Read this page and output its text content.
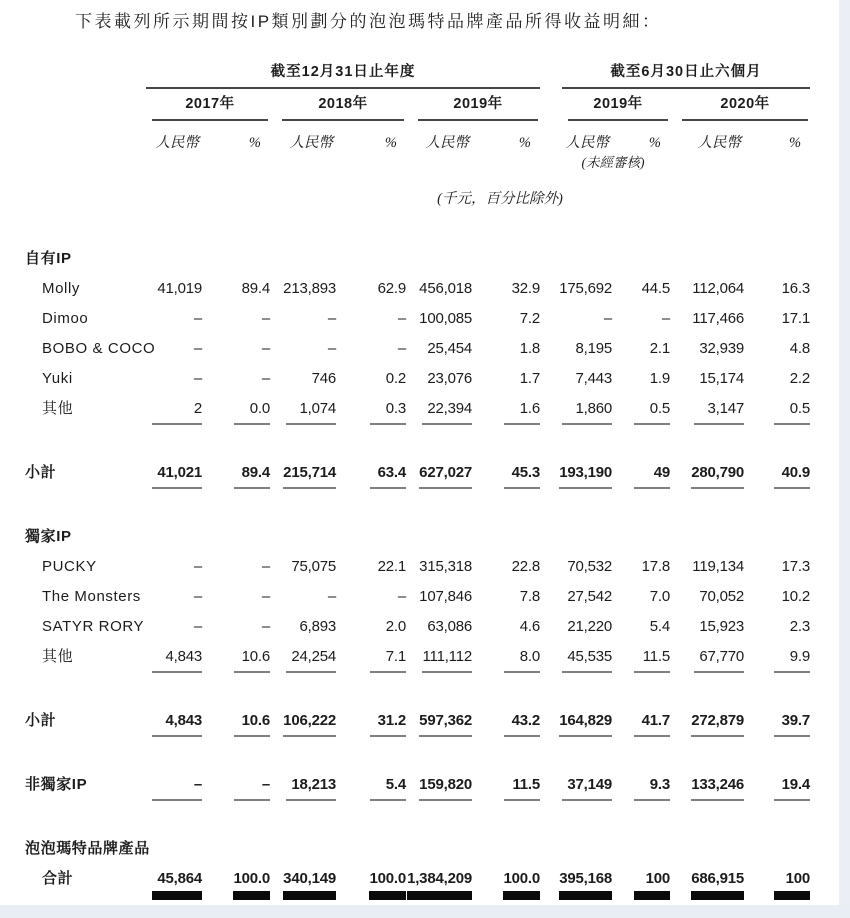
下表載列所示期間按IP類別劃分的泡泡瑪特品牌產品所得收益明細：

	截至12月31日止年度							截至6月30日止六個月			

	2017年		2018年		2019年			2019年		2020年	

	人民幣	%	人民幣	%	人民幣	%		人民幣	%	人民幣	%
								(未經審核)			

(千元，百分比除外)											

自有IP											
Molly	41,019	89.4	213,893	62.9	456,018	32.9		175,692	44.5	112,064	16.3
Dimoo	–	–	–	–	100,085	7.2		–	–	117,466	17.1
BOBO & COCO	–	–	–	–	25,454	1.8		8,195	2.1	32,939	4.8
Yuki	–	–	746	0.2	23,076	1.7		7,443	1.9	15,174	2.2
其他	2	0.0	1,074	0.3	22,394	1.6		1,860	0.5	3,147	0.5
小計	41,021	89.4	215,714	63.4	627,027	45.3		193,190	49	280,790	40.9
獨家IP											
PUCKY	–	–	75,075	22.1	315,318	22.8		70,532	17.8	119,134	17.3
The Monsters	–	–	–	–	107,846	7.8		27,542	7.0	70,052	10.2
SATYR RORY	–	–	6,893	2.0	63,086	4.6		21,220	5.4	15,923	2.3
其他	4,843	10.6	24,254	7.1	111,112	8.0		45,535	11.5	67,770	9.9
小計	4,843	10.6	106,222	31.2	597,362	43.2		164,829	41.7	272,879	39.7
非獨家IP	–	–	18,213	5.4	159,820	11.5		37,149	9.3	133,246	19.4
泡泡瑪特品牌產品											
合計	45,864	100.0	340,149	100.0	1,384,209	100.0		395,168	100	686,915	100
